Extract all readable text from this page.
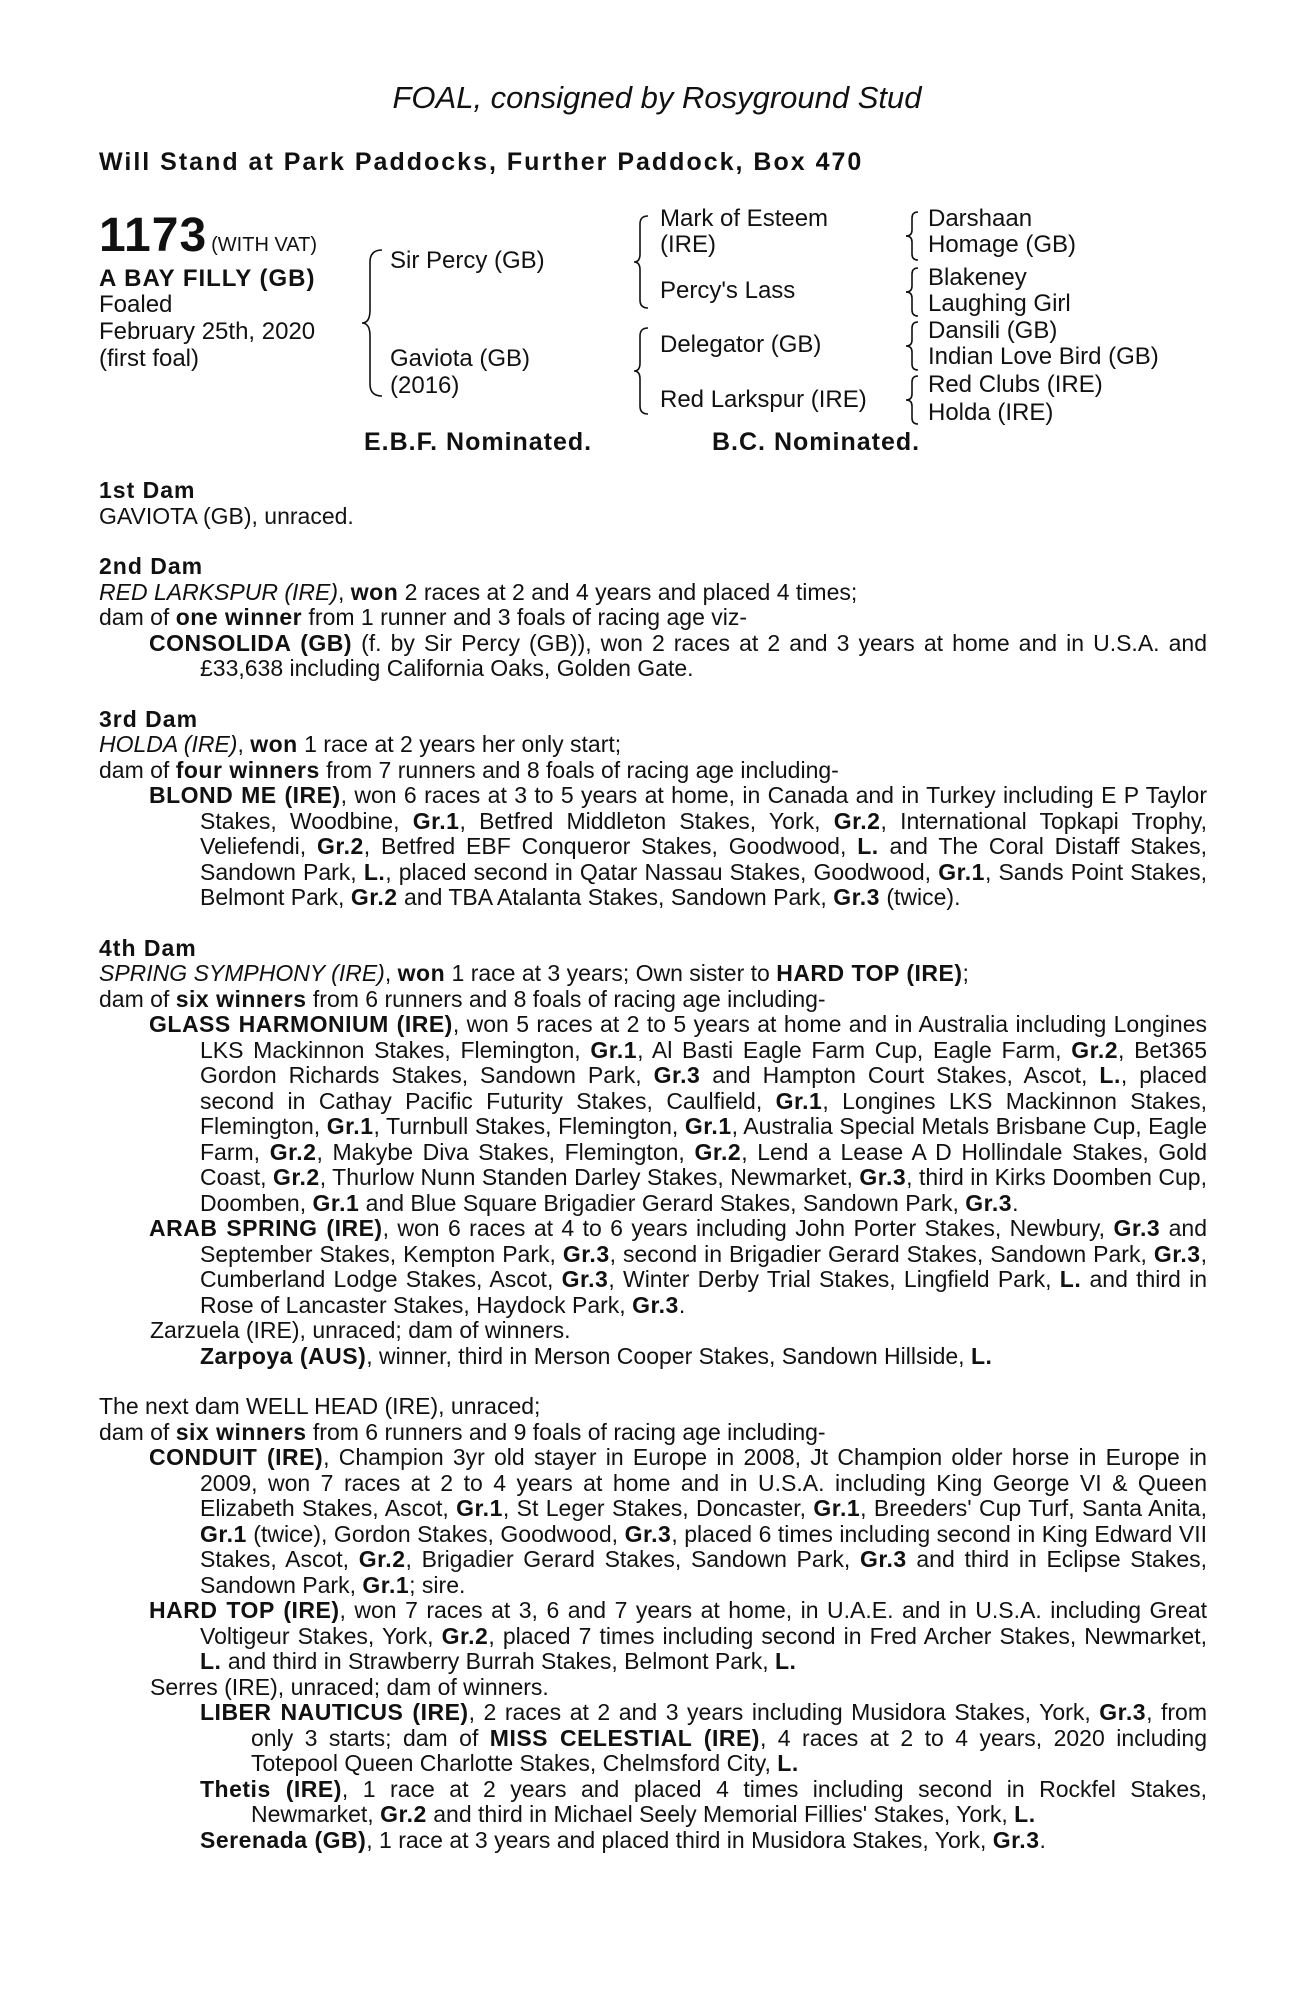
FOAL, consigned by Rosyground Stud
Will Stand at Park Paddocks, Further Paddock, Box 470
1173 (WITH VAT)
A BAY FILLY (GB)
Foaled
February 25th, 2020
(first foal)
Sir Percy (GB)
Gaviota (GB)
(2016)
Mark of Esteem
(IRE)
Percy's Lass
Delegator (GB)
Red Larkspur (IRE)
Darshaan
Homage (GB)
Blakeney
Laughing Girl
Dansili (GB)
Indian Love Bird (GB)
Red Clubs (IRE)
Holda (IRE)
E.B.F. Nominated.	B.C. Nominated.
1st Dam
GAVIOTA (GB), unraced.
2nd Dam
RED LARKSPUR (IRE), won 2 races at 2 and 4 years and placed 4 times;
dam of one winner from 1 runner and 3 foals of racing age viz-
CONSOLIDA (GB) (f. by Sir Percy (GB)), won 2 races at 2 and 3 years at home and in U.S.A. and £33,638 including California Oaks, Golden Gate.
3rd Dam
HOLDA (IRE), won 1 race at 2 years her only start;
dam of four winners from 7 runners and 8 foals of racing age including-
BLOND ME (IRE), won 6 races at 3 to 5 years at home, in Canada and in Turkey including E P Taylor Stakes, Woodbine, Gr.1, Betfred Middleton Stakes, York, Gr.2, International Topkapi Trophy, Veliefendi, Gr.2, Betfred EBF Conqueror Stakes, Goodwood, L. and The Coral Distaff Stakes, Sandown Park, L., placed second in Qatar Nassau Stakes, Goodwood, Gr.1, Sands Point Stakes, Belmont Park, Gr.2 and TBA Atalanta Stakes, Sandown Park, Gr.3 (twice).
4th Dam
SPRING SYMPHONY (IRE), won 1 race at 3 years; Own sister to HARD TOP (IRE);
dam of six winners from 6 runners and 8 foals of racing age including-
GLASS HARMONIUM (IRE), won 5 races at 2 to 5 years at home and in Australia including Longines LKS Mackinnon Stakes, Flemington, Gr.1, Al Basti Eagle Farm Cup, Eagle Farm, Gr.2, Bet365 Gordon Richards Stakes, Sandown Park, Gr.3 and Hampton Court Stakes, Ascot, L., placed second in Cathay Pacific Futurity Stakes, Caulfield, Gr.1, Longines LKS Mackinnon Stakes, Flemington, Gr.1, Turnbull Stakes, Flemington, Gr.1, Australia Special Metals Brisbane Cup, Eagle Farm, Gr.2, Makybe Diva Stakes, Flemington, Gr.2, Lend a Lease A D Hollindale Stakes, Gold Coast, Gr.2, Thurlow Nunn Standen Darley Stakes, Newmarket, Gr.3, third in Kirks Doomben Cup, Doomben, Gr.1 and Blue Square Brigadier Gerard Stakes, Sandown Park, Gr.3.
ARAB SPRING (IRE), won 6 races at 4 to 6 years including John Porter Stakes, Newbury, Gr.3 and September Stakes, Kempton Park, Gr.3, second in Brigadier Gerard Stakes, Sandown Park, Gr.3, Cumberland Lodge Stakes, Ascot, Gr.3, Winter Derby Trial Stakes, Lingfield Park, L. and third in Rose of Lancaster Stakes, Haydock Park, Gr.3.
Zarzuela (IRE), unraced; dam of winners.
Zarpoya (AUS), winner, third in Merson Cooper Stakes, Sandown Hillside, L.
The next dam WELL HEAD (IRE), unraced;
dam of six winners from 6 runners and 9 foals of racing age including-
CONDUIT (IRE), Champion 3yr old stayer in Europe in 2008, Jt Champion older horse in Europe in 2009, won 7 races at 2 to 4 years at home and in U.S.A. including King George VI & Queen Elizabeth Stakes, Ascot, Gr.1, St Leger Stakes, Doncaster, Gr.1, Breeders' Cup Turf, Santa Anita, Gr.1 (twice), Gordon Stakes, Goodwood, Gr.3, placed 6 times including second in King Edward VII Stakes, Ascot, Gr.2, Brigadier Gerard Stakes, Sandown Park, Gr.3 and third in Eclipse Stakes, Sandown Park, Gr.1; sire.
HARD TOP (IRE), won 7 races at 3, 6 and 7 years at home, in U.A.E. and in U.S.A. including Great Voltigeur Stakes, York, Gr.2, placed 7 times including second in Fred Archer Stakes, Newmarket, L. and third in Strawberry Burrah Stakes, Belmont Park, L.
Serres (IRE), unraced; dam of winners.
LIBER NAUTICUS (IRE), 2 races at 2 and 3 years including Musidora Stakes, York, Gr.3, from only 3 starts; dam of MISS CELESTIAL (IRE), 4 races at 2 to 4 years, 2020 including Totepool Queen Charlotte Stakes, Chelmsford City, L.
Thetis (IRE), 1 race at 2 years and placed 4 times including second in Rockfel Stakes, Newmarket, Gr.2 and third in Michael Seely Memorial Fillies' Stakes, York, L.
Serenada (GB), 1 race at 3 years and placed third in Musidora Stakes, York, Gr.3.
